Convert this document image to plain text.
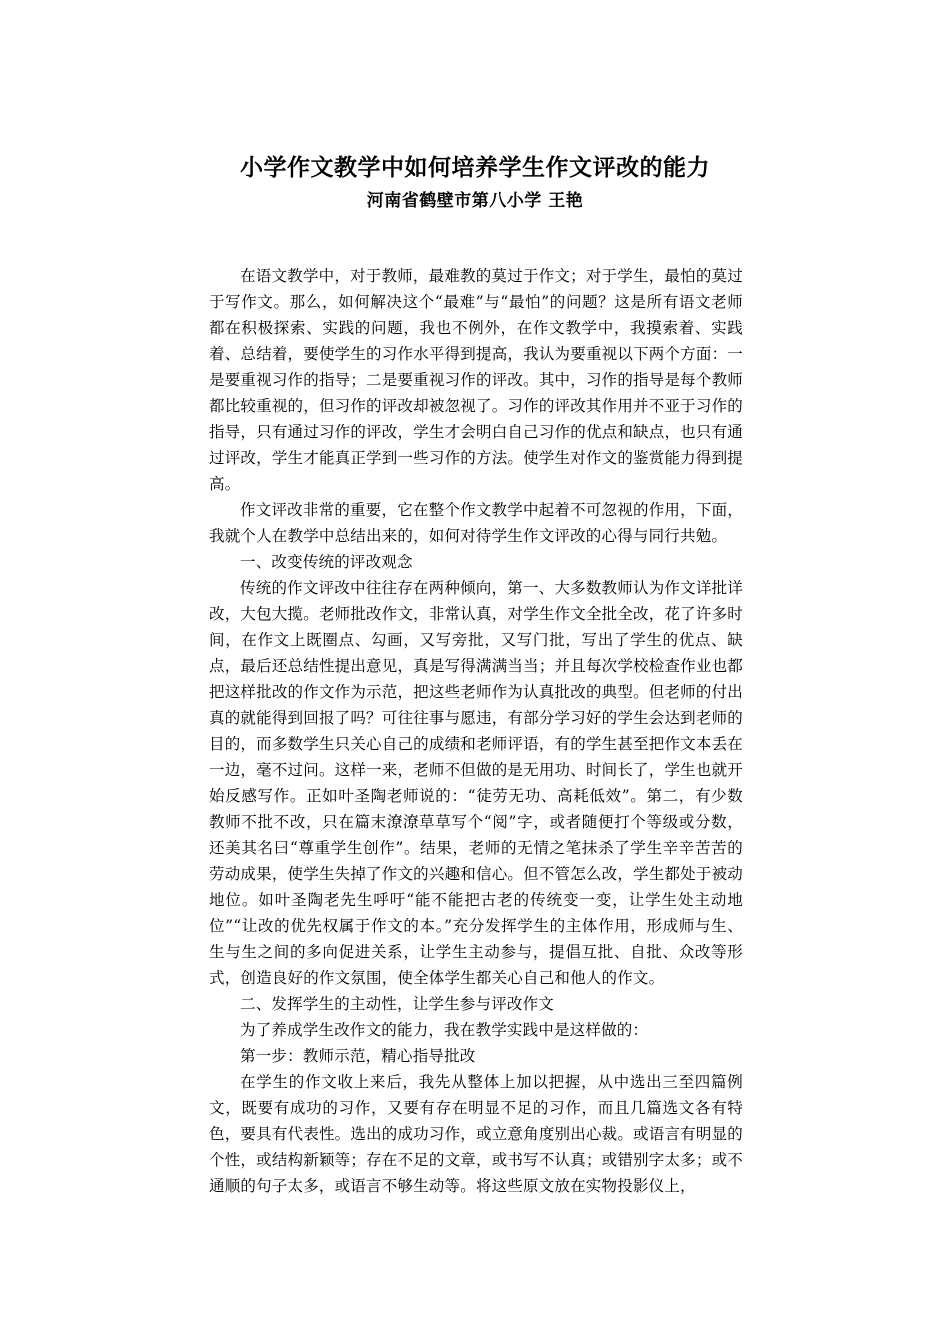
小学作文教学中如何培养学生作文评改的能力
河南省鹤壁市第八小学 王艳

在语文教学中，对于教师，最难教的莫过于作文；对于学生，最怕的莫过于写作文。那么，如何解决这个“最难”与“最怕”的问题？这是所有语文老师都在积极探索、实践的问题，我也不例外，在作文教学中，我摸索着、实践着、总结着，要使学生的习作水平得到提高，我认为要重视以下两个方面：一是要重视习作的指导；二是要重视习作的评改。其中，习作的指导是每个教师都比较重视的，但习作的评改却被忽视了。习作的评改其作用并不亚于习作的指导，只有通过习作的评改，学生才会明白自己习作的优点和缺点，也只有通过评改，学生才能真正学到一些习作的方法。使学生对作文的鉴赏能力得到提高。

作文评改非常的重要，它在整个作文教学中起着不可忽视的作用，下面，我就个人在教学中总结出来的，如何对待学生作文评改的心得与同行共勉。

一、改变传统的评改观念

传统的作文评改中往往存在两种倾向，第一、大多数教师认为作文详批详改，大包大揽。老师批改作文，非常认真，对学生作文全批全改，花了许多时间，在作文上既圈点、勾画，又写旁批，又写门批，写出了学生的优点、缺点，最后还总结性提出意见，真是写得满满当当；并且每次学校检查作业也都把这样批改的作文作为示范，把这些老师作为认真批改的典型。但老师的付出真的就能得到回报了吗？可往往事与愿违，有部分学习好的学生会达到老师的目的，而多数学生只关心自己的成绩和老师评语，有的学生甚至把作文本丢在一边，毫不过问。这样一来，老师不但做的是无用功、时间长了，学生也就开始反感写作。正如叶圣陶老师说的：“徒劳无功、高耗低效”。第二，有少数教师不批不改，只在篇末潦潦草草写个“阅”字，或者随便打个等级或分数，还美其名曰“尊重学生创作”。结果，老师的无情之笔抹杀了学生辛辛苦苦的劳动成果，使学生失掉了作文的兴趣和信心。但不管怎么改，学生都处于被动地位。如叶圣陶老先生呼吁“能不能把古老的传统变一变，让学生处主动地位”“让改的优先权属于作文的本。”充分发挥学生的主体作用，形成师与生、生与生之间的多向促进关系，让学生主动参与，提倡互批、自批、众改等形式，创造良好的作文氛围，使全体学生都关心自己和他人的作文。

二、发挥学生的主动性，让学生参与评改作文

为了养成学生改作文的能力，我在教学实践中是这样做的：

第一步：教师示范，精心指导批改

在学生的作文收上来后，我先从整体上加以把握，从中选出三至四篇例文，既要有成功的习作，又要有存在明显不足的习作，而且几篇选文各有特色，要具有代表性。选出的成功习作，或立意角度别出心裁。或语言有明显的个性，或结构新颖等；存在不足的文章，或书写不认真；或错别字太多；或不通顺的句子太多，或语言不够生动等。将这些原文放在实物投影仪上，
